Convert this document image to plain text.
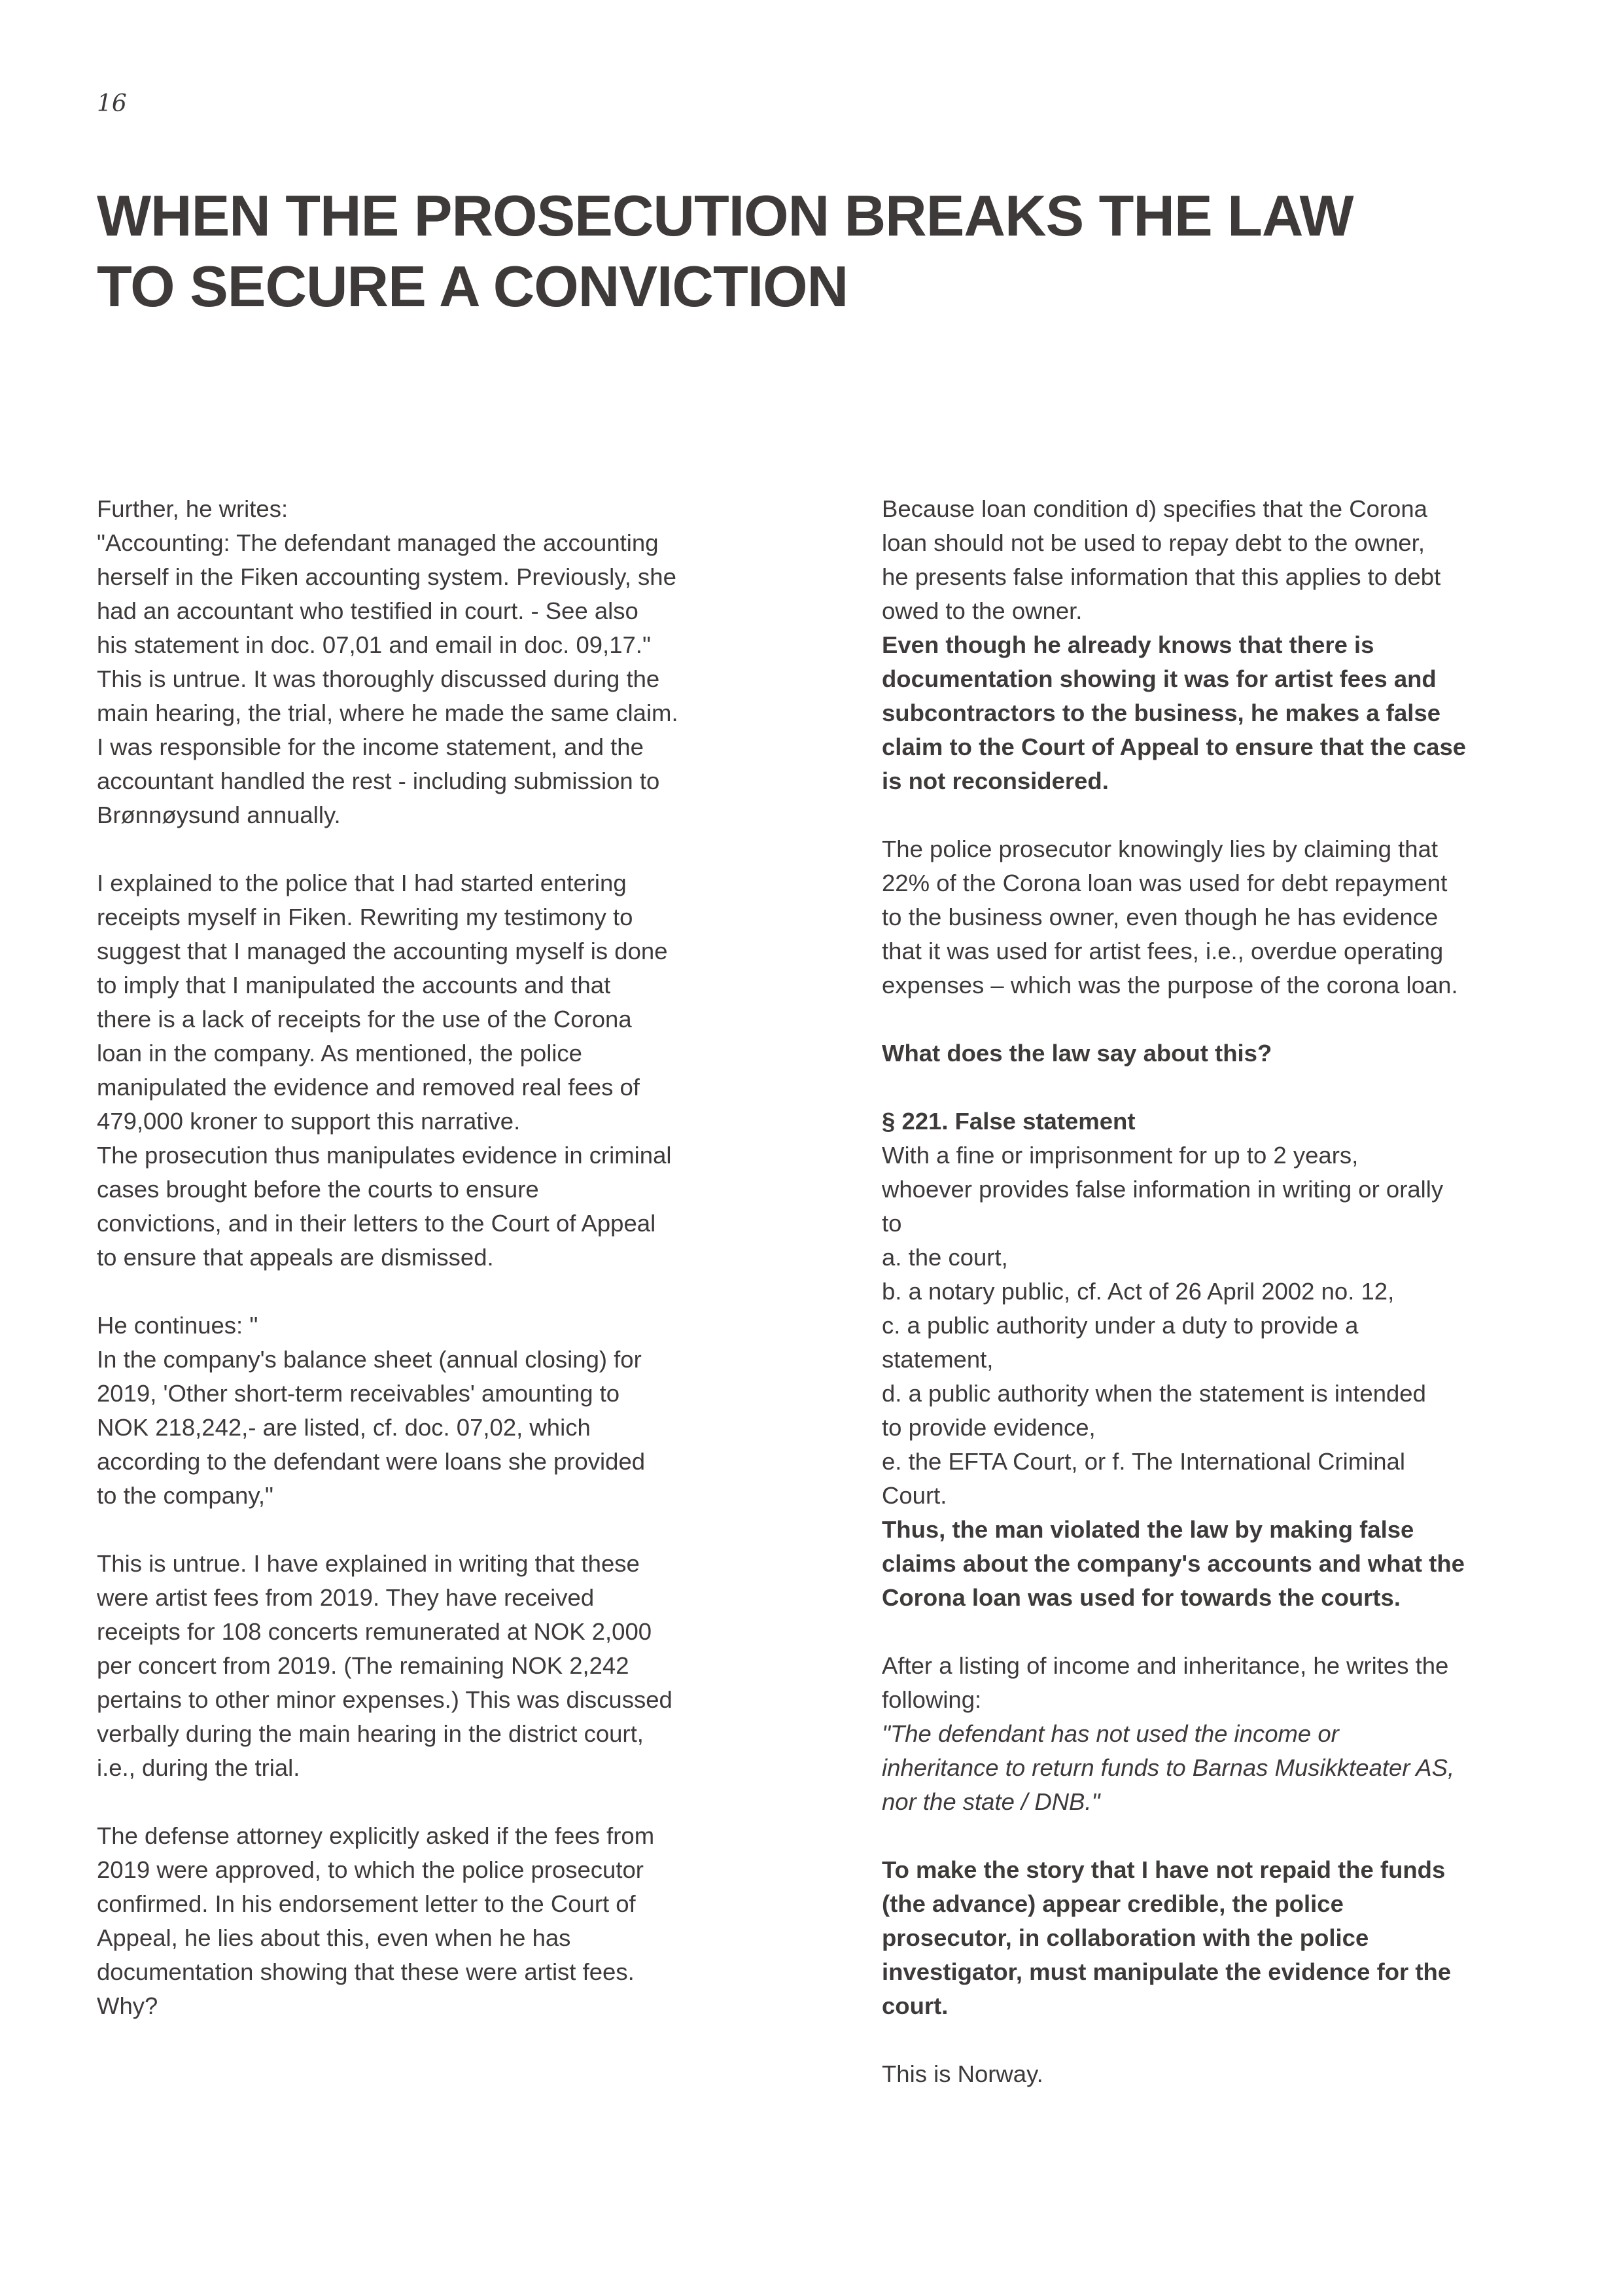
16
WHEN THE PROSECUTION BREAKS THE LAW
TO SECURE A CONVICTION
Further, he writes:
"Accounting: The defendant managed the accounting
herself in the Fiken accounting system. Previously, she
had an accountant who testified in court. - See also
his statement in doc. 07,01 and email in doc. 09,17."
This is untrue. It was thoroughly discussed during the
main hearing, the trial, where he made the same claim.
I was responsible for the income statement, and the
accountant handled the rest - including submission to
Brønnøysund annually.
I explained to the police that I had started entering
receipts myself in Fiken. Rewriting my testimony to
suggest that I managed the accounting myself is done
to imply that I manipulated the accounts and that
there is a lack of receipts for the use of the Corona
loan in the company. As mentioned, the police
manipulated the evidence and removed real fees of
479,000 kroner to support this narrative.
The prosecution thus manipulates evidence in criminal
cases brought before the courts to ensure
convictions, and in their letters to the Court of Appeal
to ensure that appeals are dismissed.
He continues: "
In the company's balance sheet (annual closing) for
2019, 'Other short-term receivables' amounting to
NOK 218,242,- are listed, cf. doc. 07,02, which
according to the defendant were loans she provided
to the company,"
This is untrue. I have explained in writing that these
were artist fees from 2019. They have received
receipts for 108 concerts remunerated at NOK 2,000
per concert from 2019. (The remaining NOK 2,242
pertains to other minor expenses.) This was discussed
verbally during the main hearing in the district court,
i.e., during the trial.
The defense attorney explicitly asked if the fees from
2019 were approved, to which the police prosecutor
confirmed. In his endorsement letter to the Court of
Appeal, he lies about this, even when he has
documentation showing that these were artist fees.
Why?
Because loan condition d) specifies that the Corona
loan should not be used to repay debt to the owner,
he presents false information that this applies to debt
owed to the owner.
Even though he already knows that there is
documentation showing it was for artist fees and
subcontractors to the business, he makes a false
claim to the Court of Appeal to ensure that the case
is not reconsidered.
The police prosecutor knowingly lies by claiming that
22% of the Corona loan was used for debt repayment
to the business owner, even though he has evidence
that it was used for artist fees, i.e., overdue operating
expenses – which was the purpose of the corona loan.
What does the law say about this?
§ 221. False statement
With a fine or imprisonment for up to 2 years,
whoever provides false information in writing or orally
to
a. the court,
b. a notary public, cf. Act of 26 April 2002 no. 12,
c. a public authority under a duty to provide a
statement,
d. a public authority when the statement is intended
to provide evidence,
e. the EFTA Court, or f. The International Criminal
Court.
Thus, the man violated the law by making false
claims about the company's accounts and what the
Corona loan was used for towards the courts.
After a listing of income and inheritance, he writes the
following:
"The defendant has not used the income or
inheritance to return funds to Barnas Musikkteater AS,
nor the state / DNB."
To make the story that I have not repaid the funds
(the advance) appear credible, the police
prosecutor, in collaboration with the police
investigator, must manipulate the evidence for the
court.
This is Norway.
